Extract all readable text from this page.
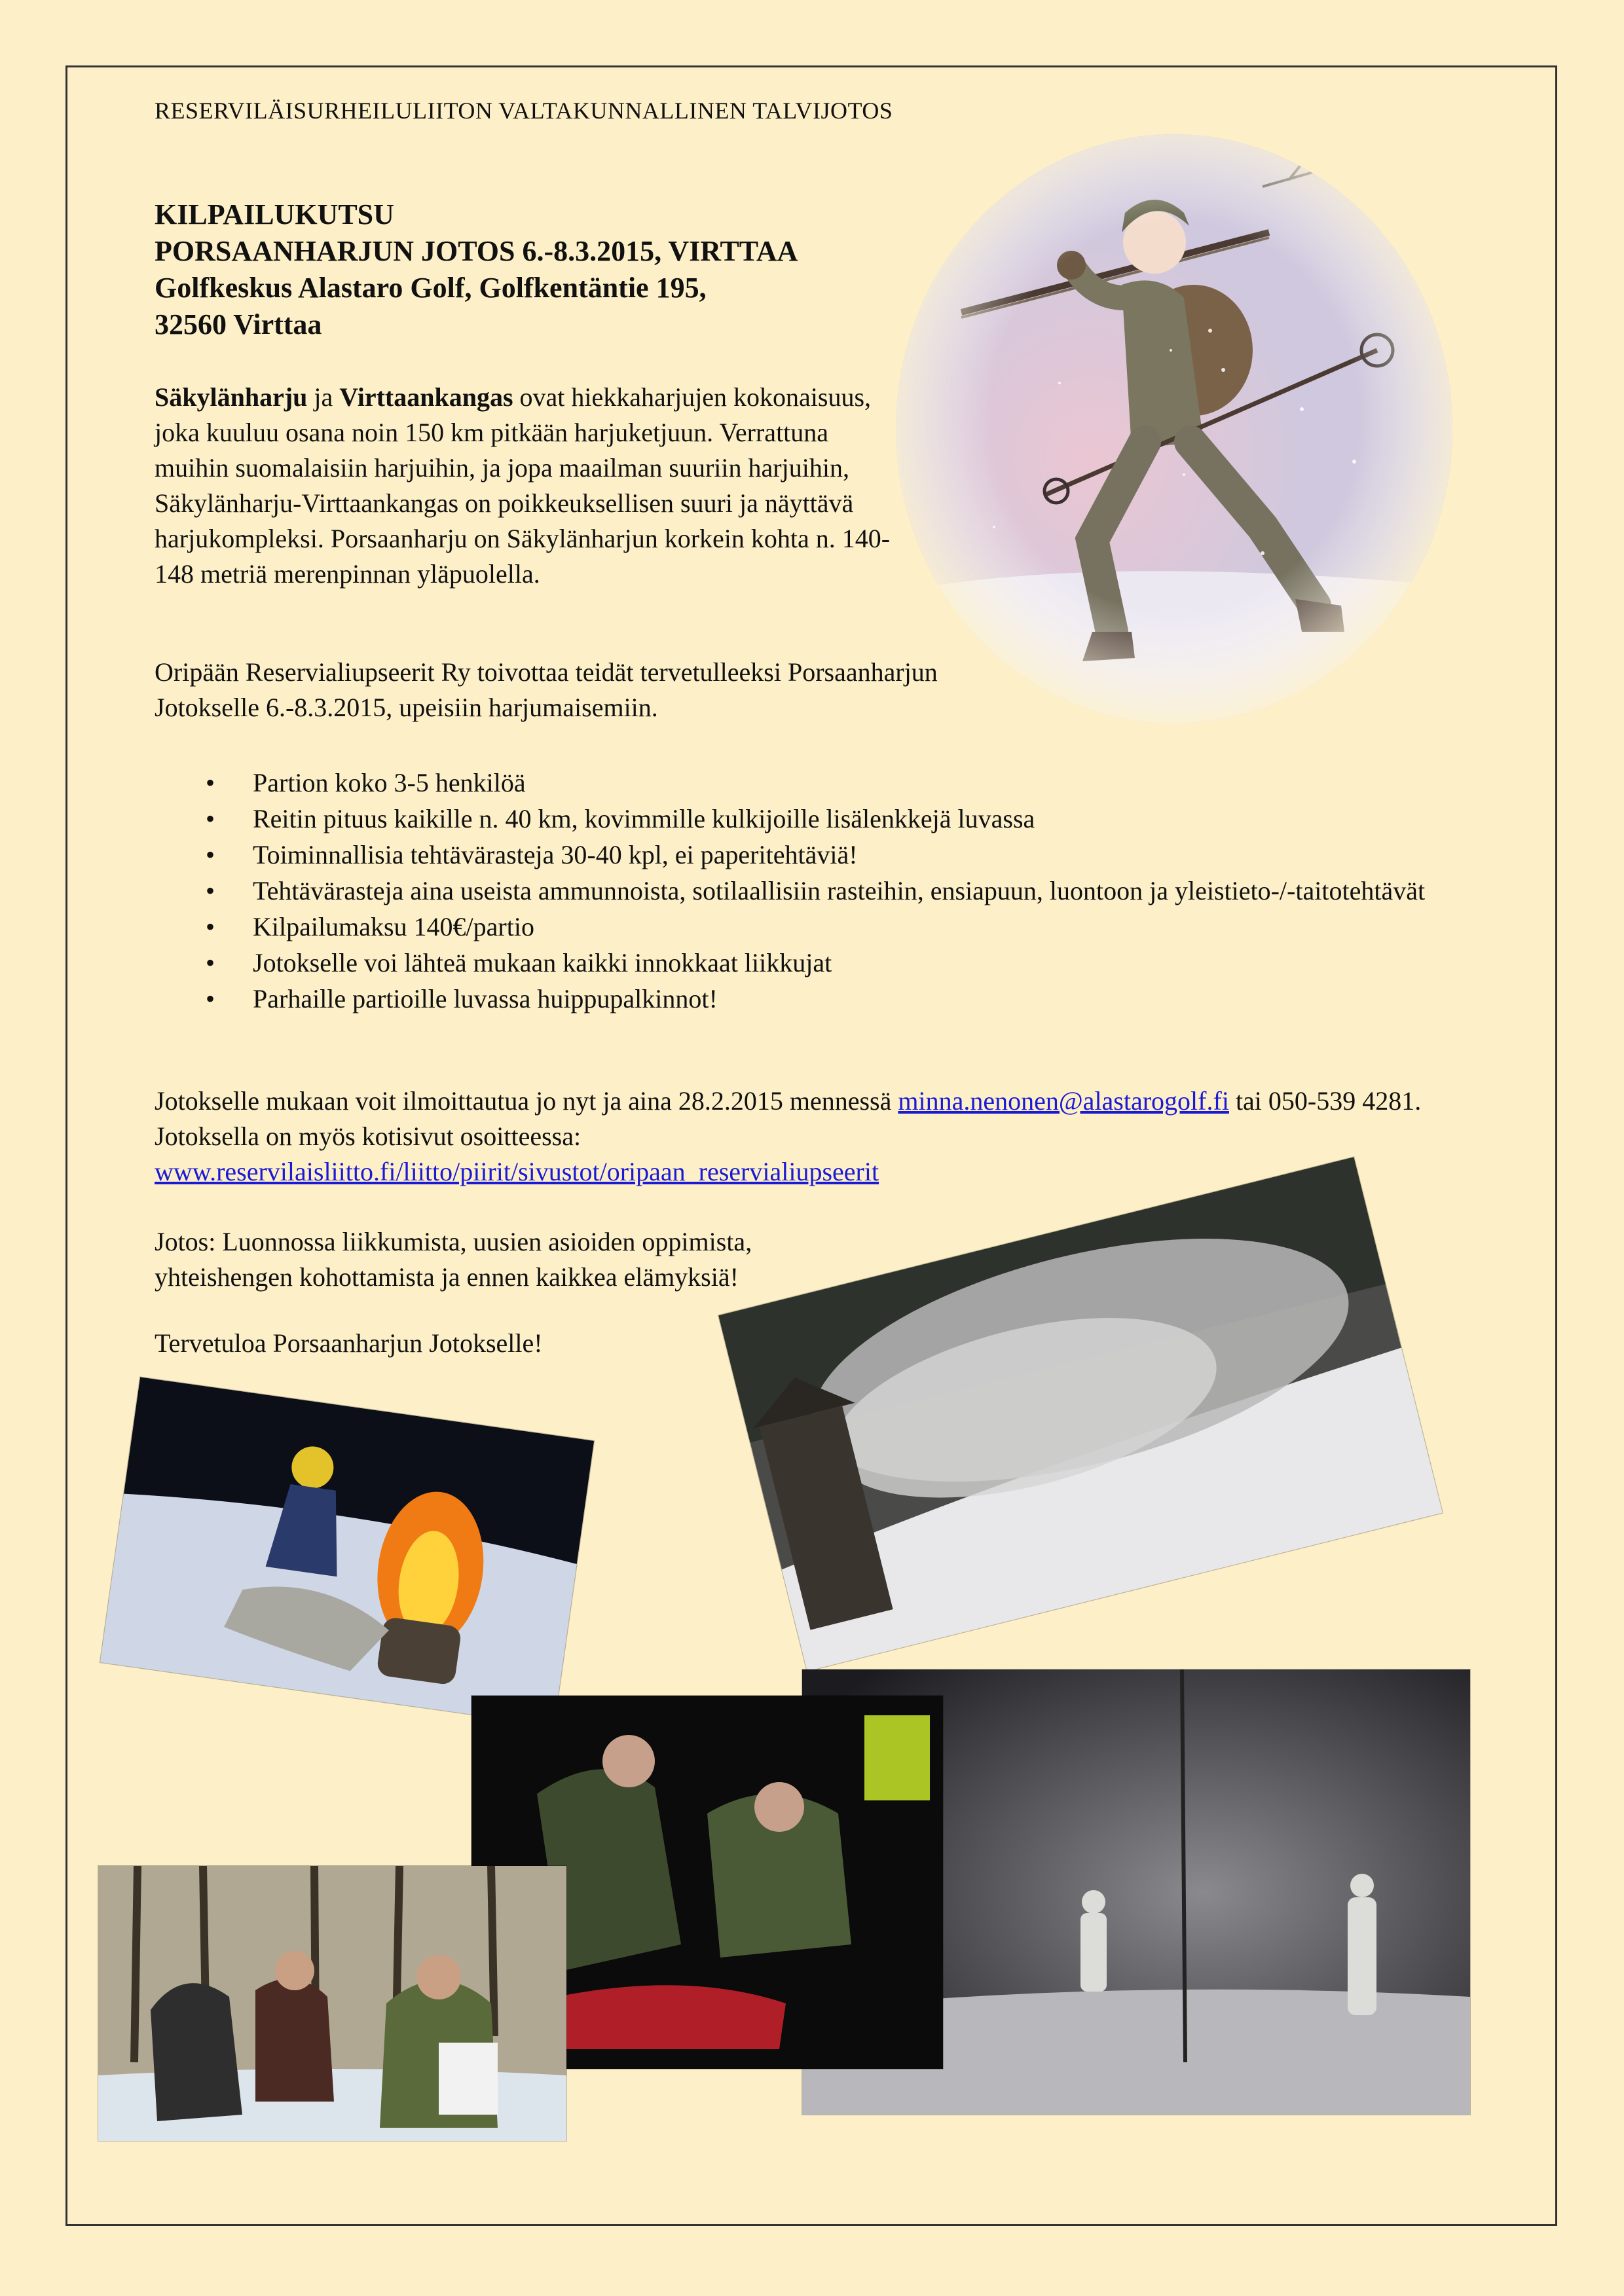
RESERVILÄISURHEILULIITON VALTAKUNNALLINEN TALVIJOTOS
KILPAILUKUTSU
PORSAANHARJUN JOTOS 6.-8.3.2015, VIRTTAA
Golfkeskus Alastaro Golf, Golfkentäntie 195,
32560 Virttaa
Säkylänharju ja Virttaankangas ovat hiekkaharjujen kokonaisuus, joka kuuluu osana noin 150 km pitkään harjuketjuun. Verrattuna muihin suomalaisiin harjuihin, ja jopa maailman suuriin harjuihin, Säkylänharju-Virttaankangas on poikkeuksellisen suuri ja näyttävä harjukompleksi. Porsaanharju on Säkylänharjun korkein kohta n. 140-148 metriä merenpinnan yläpuolella.
Oripään Reservialiupseerit Ry toivottaa teidät tervetulleeksi Porsaanharjun Jotokselle 6.-8.3.2015, upeisiin harjumaisemiin.
• Partion koko 3-5 henkilöä
• Reitin pituus kaikille n. 40 km, kovimmille kulkijoille lisälenkkejä luvassa
• Toiminnallisia tehtävärasteja 30-40 kpl, ei paperitehtäviä!
• Tehtävärasteja aina useista ammunnoista, sotilaallisiin rasteihin, ensiapuun, luontoon ja yleistieto-/-taitotehtävät
• Kilpailumaksu 140€/partio
• Jotokselle voi lähteä mukaan kaikki innokkaat liikkujat
• Parhaille partioille luvassa huippupalkinnot!
Jotokselle mukaan voit ilmoittautua jo nyt ja aina 28.2.2015 mennessä minna.nenonen@alastarogolf.fi tai 050-539 4281. Jotoksella on myös kotisivut osoitteessa:
www.reservilaisliitto.fi/liitto/piirit/sivustot/oripaan_reservialiupseerit
Jotos: Luonnossa liikkumista, uusien asioiden oppimista, yhteishengen kohottamista ja ennen kaikkea elämyksiä!
Tervetuloa Porsaanharjun Jotokselle!
